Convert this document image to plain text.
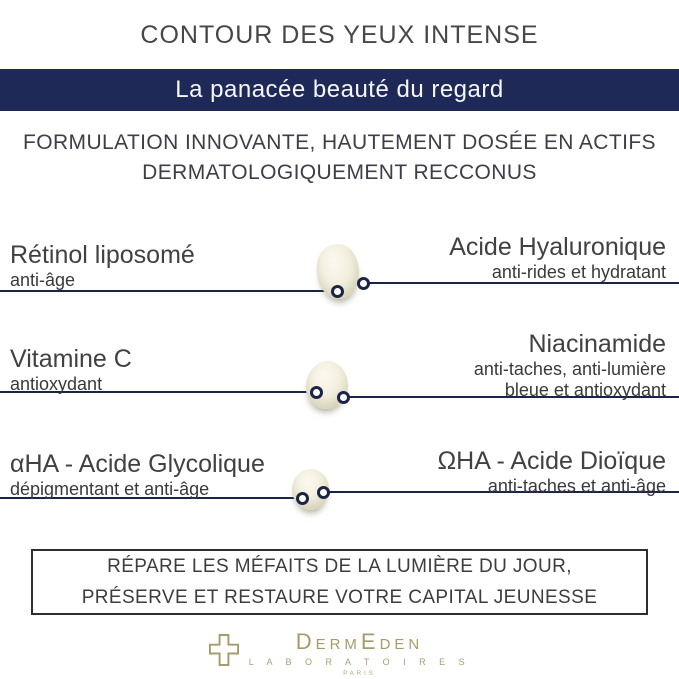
CONTOUR DES YEUX INTENSE
La panacée beauté du regard
FORMULATION INNOVANTE, HAUTEMENT DOSÉE EN ACTIFS
DERMATOLOGIQUEMENT RECCONUS
Rétinol liposomé
anti-âge
Acide Hyaluronique
anti-rides et hydratant
Vitamine C
antioxydant
Niacinamide
anti-taches, anti-lumière
bleue et antioxydant
αHA - Acide Glycolique
dépigmentant et anti-âge
ΩHA - Acide Dioïque
anti-taches et anti-âge
RÉPARE LES MÉFAITS DE LA LUMIÈRE DU JOUR,
PRÉSERVE ET RESTAURE VOTRE CAPITAL JEUNESSE
DermEden
L A B O R A T O I R E S
PARIS
